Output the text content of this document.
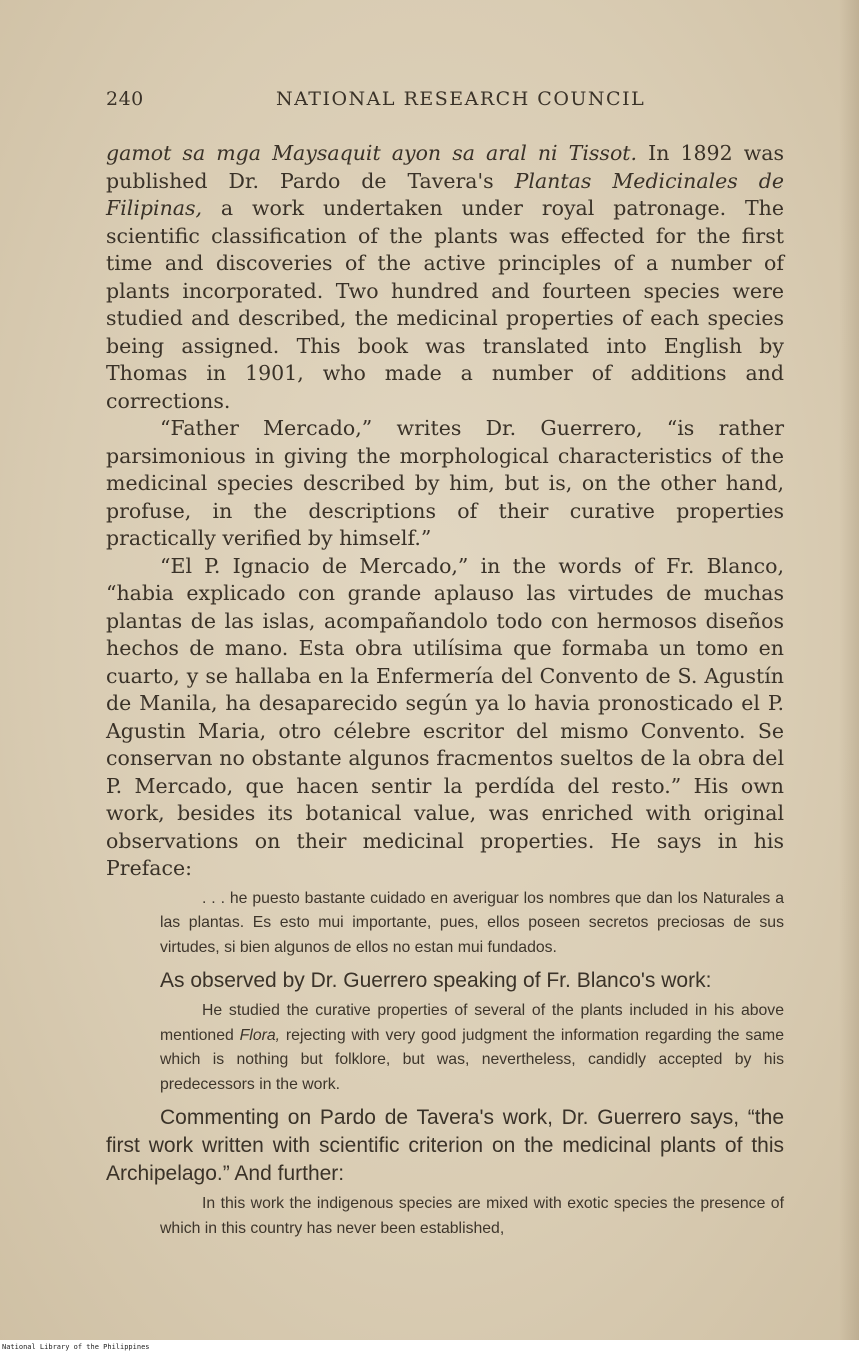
240	NATIONAL RESEARCH COUNCIL

gamot sa mga Maysaquit ayon sa aral ni Tissot. In 1892 was published Dr. Pardo de Tavera's Plantas Medicinales de Filipinas, a work undertaken under royal patronage. The scientific classification of the plants was effected for the first time and discoveries of the active principles of a number of plants incorporated. Two hundred and fourteen species were studied and described, the medicinal properties of each species being assigned. This book was translated into English by Thomas in 1901, who made a number of additions and corrections.

“Father Mercado,” writes Dr. Guerrero, “is rather parsimonious in giving the morphological characteristics of the medicinal species described by him, but is, on the other hand, profuse, in the descriptions of their curative properties practically verified by himself.”

“El P. Ignacio de Mercado,” in the words of Fr. Blanco, “habia explicado con grande aplauso las virtudes de muchas plantas de las islas, acompañandolo todo con hermosos diseños hechos de mano. Esta obra utilísima que formaba un tomo en cuarto, y se hallaba en la Enfermería del Convento de S. Agustín de Manila, ha desaparecido según ya lo havia pronosticado el P. Agustin Maria, otro célebre escritor del mismo Convento. Se conservan no obstante algunos fracmentos sueltos de la obra del P. Mercado, que hacen sentir la perdída del resto.” His own work, besides its botanical value, was enriched with original observations on their medicinal properties. He says in his Preface:

. . . he puesto bastante cuidado en averiguar los nombres que dan los Naturales a las plantas. Es esto mui importante, pues, ellos poseen secretos preciosas de sus virtudes, si bien algunos de ellos no estan mui fundados.

As observed by Dr. Guerrero speaking of Fr. Blanco's work:

He studied the curative properties of several of the plants included in his above mentioned Flora, rejecting with very good judgment the information regarding the same which is nothing but folklore, but was, nevertheless, candidly accepted by his predecessors in the work.

Commenting on Pardo de Tavera's work, Dr. Guerrero says, “the first work written with scientific criterion on the medicinal plants of this Archipelago.” And further:

In this work the indigenous species are mixed with exotic species the presence of which in this country has never been established,
National Library of the Philippines
